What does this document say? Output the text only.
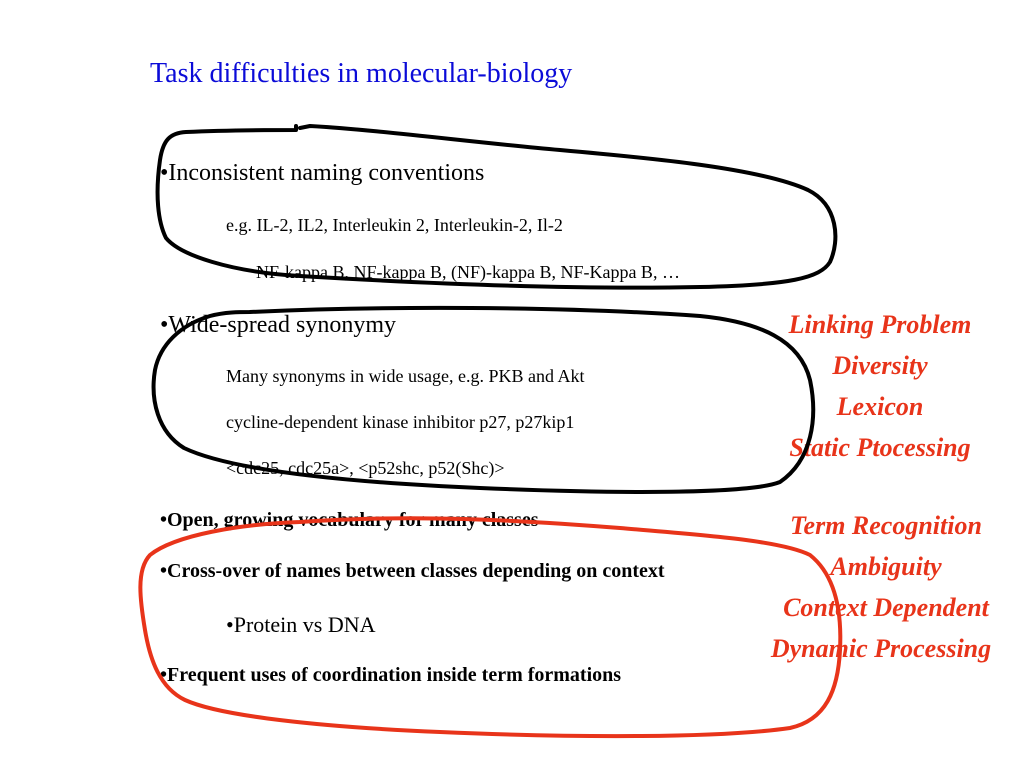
Task difficulties in molecular-biology
•Inconsistent naming conventions
e.g. IL-2, IL2, Interleukin 2, Interleukin-2, Il-2
NF-kappa B, NF-kappa B, (NF)-kappa B, NF-Kappa B, …
•Wide-spread synonymy
Many synonyms in wide usage, e.g. PKB and Akt
cycline-dependent kinase inhibitor p27, p27kip1
<cdc25, cdc25a>, <p52shc, p52(Shc)>
•Open, growing vocabulary for many classes
•Cross-over of names between classes depending on context
•Protein vs DNA
•Frequent uses of coordination inside term formations
Linking Problem
Diversity
Lexicon
Static Ptocessing
Term Recognition
Ambiguity
Context Dependent
Dynamic Processing
